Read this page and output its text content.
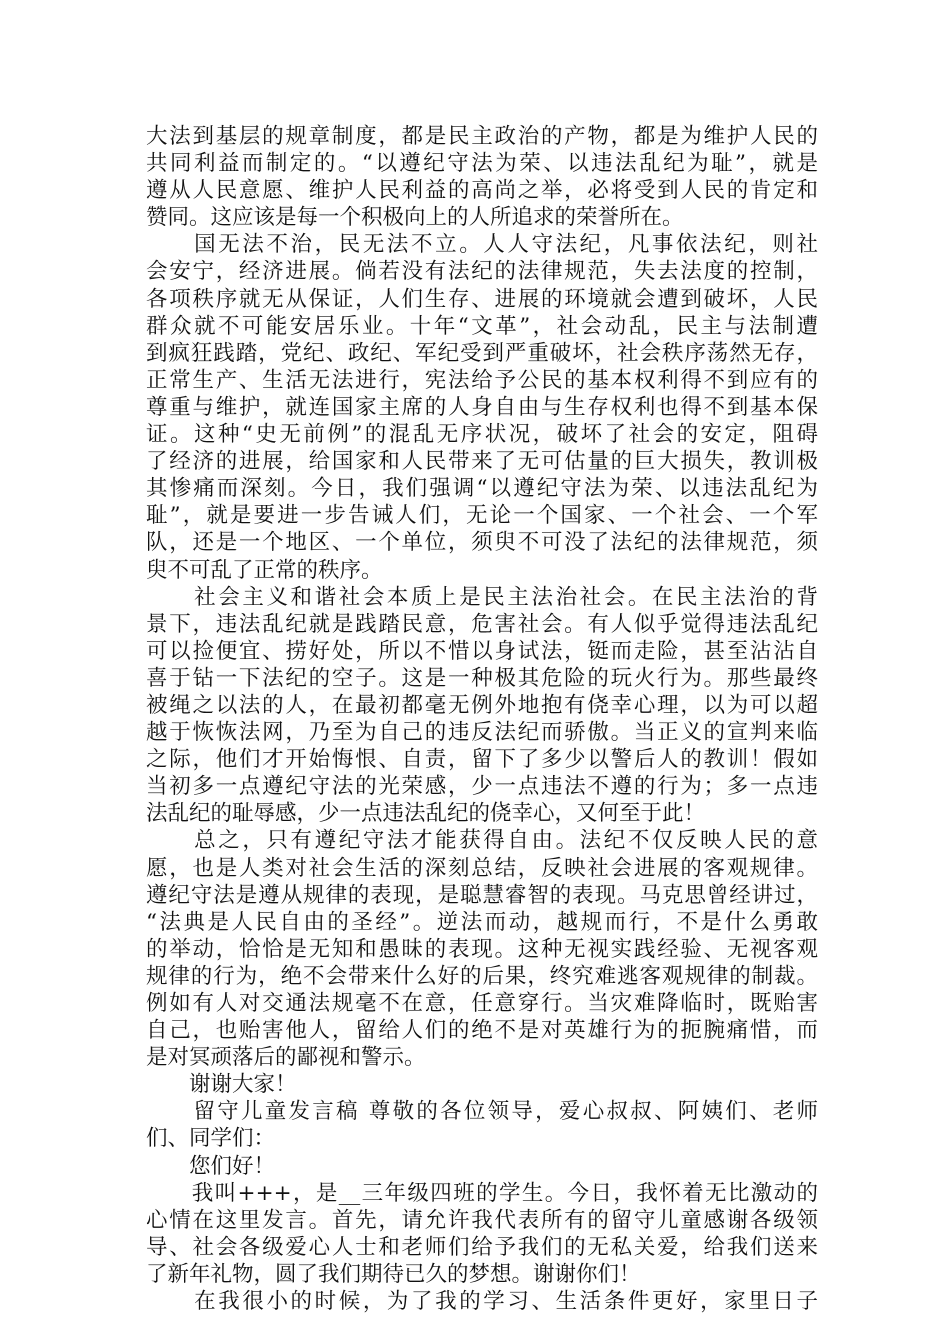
大法到基层的规章制度，都是民主政治的产物，都是为维护人民的
共同利益而制定的。“以遵纪守法为荣、以违法乱纪为耻”，就是
遵从人民意愿、维护人民利益的高尚之举，必将受到人民的肯定和
赞同。这应该是每一个积极向上的人所追求的荣誉所在。
　　国无法不治，民无法不立。人人守法纪，凡事依法纪，则社
会安宁，经济进展。倘若没有法纪的法律规范，失去法度的控制，
各项秩序就无从保证，人们生存、进展的环境就会遭到破坏，人民
群众就不可能安居乐业。十年“文革”，社会动乱，民主与法制遭
到疯狂践踏，党纪、政纪、军纪受到严重破坏，社会秩序荡然无存，
正常生产、生活无法进行，宪法给予公民的基本权利得不到应有的
尊重与维护，就连国家主席的人身自由与生存权利也得不到基本保
证。这种“史无前例”的混乱无序状况，破坏了社会的安定，阻碍
了经济的进展，给国家和人民带来了无可估量的巨大损失，教训极
其惨痛而深刻。今日，我们强调“以遵纪守法为荣、以违法乱纪为
耻”，就是要进一步告诫人们，无论一个国家、一个社会、一个军
队，还是一个地区、一个单位，须臾不可没了法纪的法律规范，须
臾不可乱了正常的秩序。
　　社会主义和谐社会本质上是民主法治社会。在民主法治的背
景下，违法乱纪就是践踏民意，危害社会。有人似乎觉得违法乱纪
可以捡便宜、捞好处，所以不惜以身试法，铤而走险，甚至沾沾自
喜于钻一下法纪的空子。这是一种极其危险的玩火行为。那些最终
被绳之以法的人，在最初都毫无例外地抱有侥幸心理，以为可以超
越于恢恢法网，乃至为自己的违反法纪而骄傲。当正义的宣判来临
之际，他们才开始悔恨、自责，留下了多少以警后人的教训！假如
当初多一点遵纪守法的光荣感，少一点违法不遵的行为；多一点违
法乱纪的耻辱感，少一点违法乱纪的侥幸心，又何至于此！
　　总之，只有遵纪守法才能获得自由。法纪不仅反映人民的意
愿，也是人类对社会生活的深刻总结，反映社会进展的客观规律。
遵纪守法是遵从规律的表现，是聪慧睿智的表现。马克思曾经讲过，
“法典是人民自由的圣经”。逆法而动，越规而行，不是什么勇敢
的举动，恰恰是无知和愚昧的表现。这种无视实践经验、无视客观
规律的行为，绝不会带来什么好的后果，终究难逃客观规律的制裁。
例如有人对交通法规毫不在意，任意穿行。当灾难降临时，既贻害
自己，也贻害他人，留给人们的绝不是对英雄行为的扼腕痛惜，而
是对冥顽落后的鄙视和警示。
　　谢谢大家！
　　留守儿童发言稿 尊敬的各位领导，爱心叔叔、阿姨们、老师
们、同学们：
　　您们好！
　　我叫+++，是__三年级四班的学生。今日，我怀着无比激动的
心情在这里发言。首先，请允许我代表所有的留守儿童感谢各级领
导、社会各级爱心人士和老师们给予我们的无私关爱，给我们送来
了新年礼物，圆了我们期待已久的梦想。谢谢你们！
　　在我很小的时候，为了我的学习、生活条件更好，家里日子
